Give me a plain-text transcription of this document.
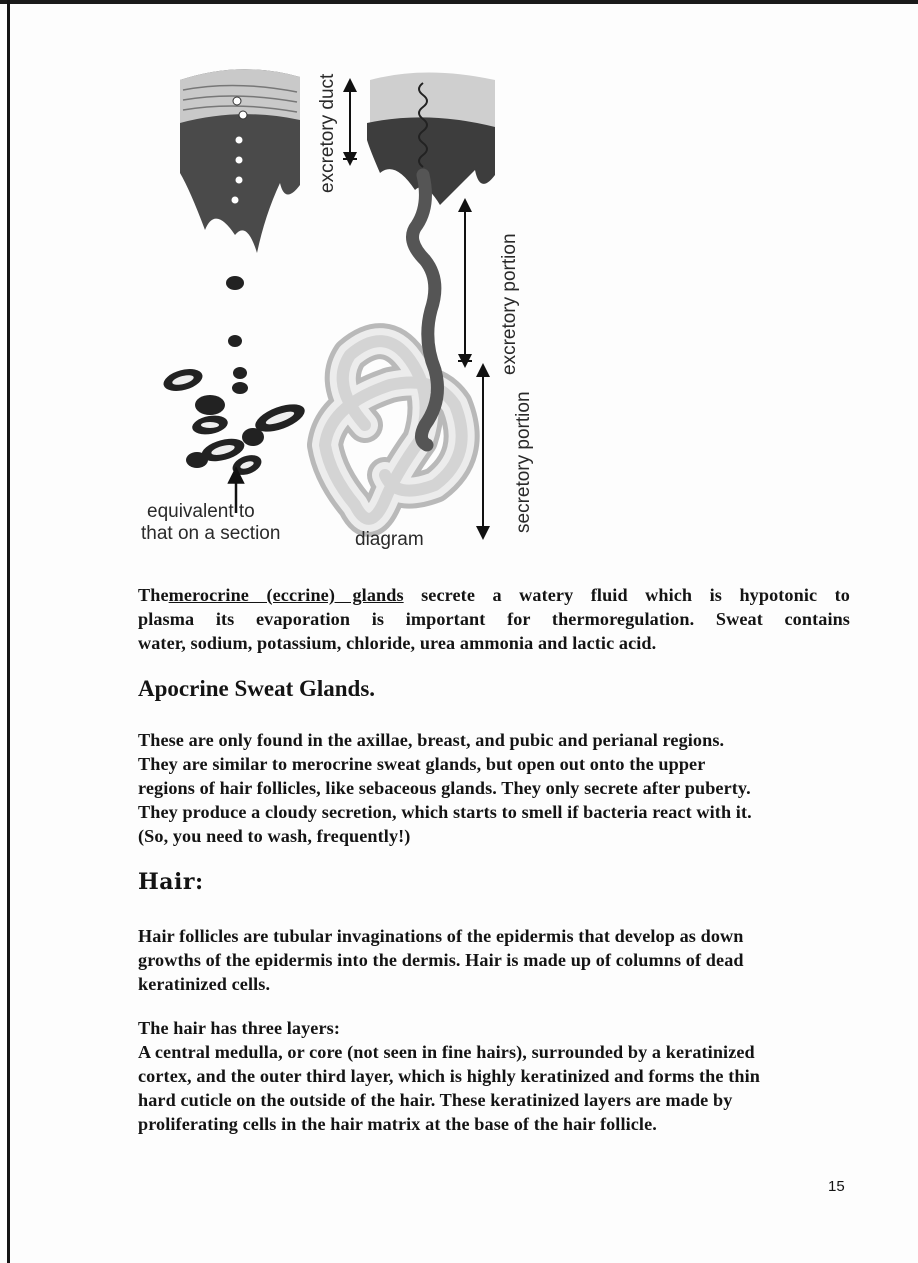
excretory duct
excretory portion
secretory portion
equivalent to
that on a section	diagram

Themerocrine (eccrine) glands secrete a watery fluid which is hypotonic to
plasma its evaporation is important for thermoregulation. Sweat contains
water, sodium, potassium, chloride, urea ammonia and lactic acid.

Apocrine Sweat Glands.

These are only found in the axillae, breast, and pubic and perianal regions.
They are similar to merocrine sweat glands, but open out onto the upper
regions of hair follicles, like sebaceous glands. They only secrete after puberty.
They produce a cloudy secretion, which starts to smell if bacteria react with it.
(So, you need to wash, frequently!)

Hair:

Hair follicles are tubular invaginations of the epidermis that develop as down
growths of the epidermis into the dermis. Hair is made up of columns of dead
keratinized cells.

The hair has three layers:
A central medulla, or core (not seen in fine hairs), surrounded by a keratinized
cortex, and the outer third layer, which is highly keratinized and forms the thin
hard cuticle on the outside of the hair. These keratinized layers are made by
proliferating cells in the hair matrix at the base of the hair follicle.

15
